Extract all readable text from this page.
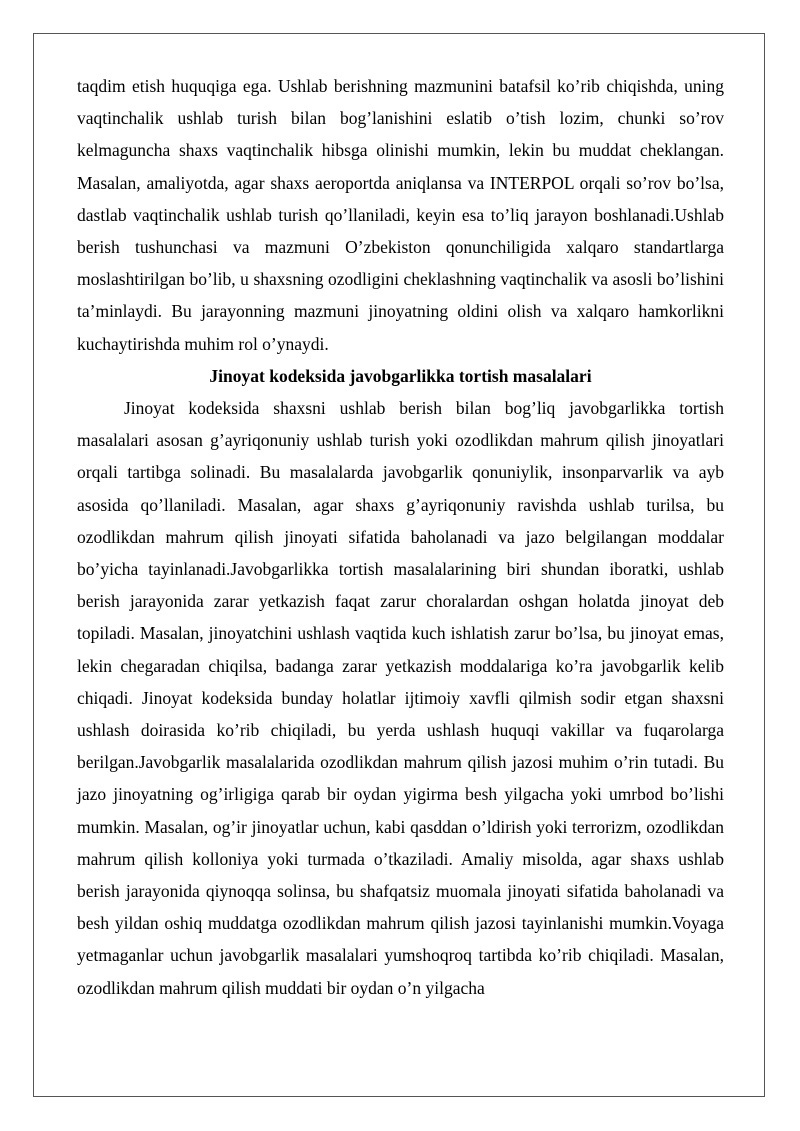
taqdim etish huquqiga ega. Ushlab berishning mazmunini batafsil ko’rib chiqishda, uning vaqtinchalik ushlab turish bilan bog’lanishini eslatib o’tish lozim, chunki so’rov kelmaguncha shaxs vaqtinchalik hibsga olinishi mumkin, lekin bu muddat cheklangan. Masalan, amaliyotda, agar shaxs aeroportda aniqlansa va INTERPOL orqali so’rov bo’lsa, dastlab vaqtinchalik ushlab turish qo’llaniladi, keyin esa to’liq jarayon boshlanadi.Ushlab berish tushunchasi va mazmuni O’zbekiston qonunchiligida xalqaro standartlarga moslashtirilgan bo’lib, u shaxsning ozodligini cheklashning vaqtinchalik va asosli bo’lishini ta’minlaydi. Bu jarayonning mazmuni jinoyatning oldini olish va xalqaro hamkorlikni kuchaytirishda muhim rol o’ynaydi.

Jinoyat kodeksida javobgarlikka tortish masalalari

Jinoyat kodeksida shaxsni ushlab berish bilan bog’liq javobgarlikka tortish masalalari asosan g’ayriqonuniy ushlab turish yoki ozodlikdan mahrum qilish jinoyatlari orqali tartibga solinadi. Bu masalalarda javobgarlik qonuniylik, insonparvarlik va ayb asosida qo’llaniladi. Masalan, agar shaxs g’ayriqonuniy ravishda ushlab turilsa, bu ozodlikdan mahrum qilish jinoyati sifatida baholanadi va jazo belgilangan moddalar bo’yicha tayinlanadi.Javobgarlikka tortish masalalarining biri shundan iboratki, ushlab berish jarayonida zarar yetkazish faqat zarur choralardan oshgan holatda jinoyat deb topiladi. Masalan, jinoyatchini ushlash vaqtida kuch ishlatish zarur bo’lsa, bu jinoyat emas, lekin chegaradan chiqilsa, badanga zarar yetkazish moddalariga ko’ra javobgarlik kelib chiqadi. Jinoyat kodeksida bunday holatlar ijtimoiy xavfli qilmish sodir etgan shaxsni ushlash doirasida ko’rib chiqiladi, bu yerda ushlash huquqi vakillar va fuqarolarga berilgan.Javobgarlik masalalarida ozodlikdan mahrum qilish jazosi muhim o’rin tutadi. Bu jazo jinoyatning og’irligiga qarab bir oydan yigirma besh yilgacha yoki umrbod bo’lishi mumkin. Masalan, og’ir jinoyatlar uchun, kabi qasddan o’ldirish yoki terrorizm, ozodlikdan mahrum qilish kolloniya yoki turmada o’tkaziladi. Amaliy misolda, agar shaxs ushlab berish jarayonida qiynoqqa solinsa, bu shafqatsiz muomala jinoyati sifatida baholanadi va besh yildan oshiq muddatga ozodlikdan mahrum qilish jazosi tayinlanishi mumkin.Voyaga yetmaganlar uchun javobgarlik masalalari yumshoqroq tartibda ko’rib chiqiladi. Masalan, ozodlikdan mahrum qilish muddati bir oydan o’n yilgacha
